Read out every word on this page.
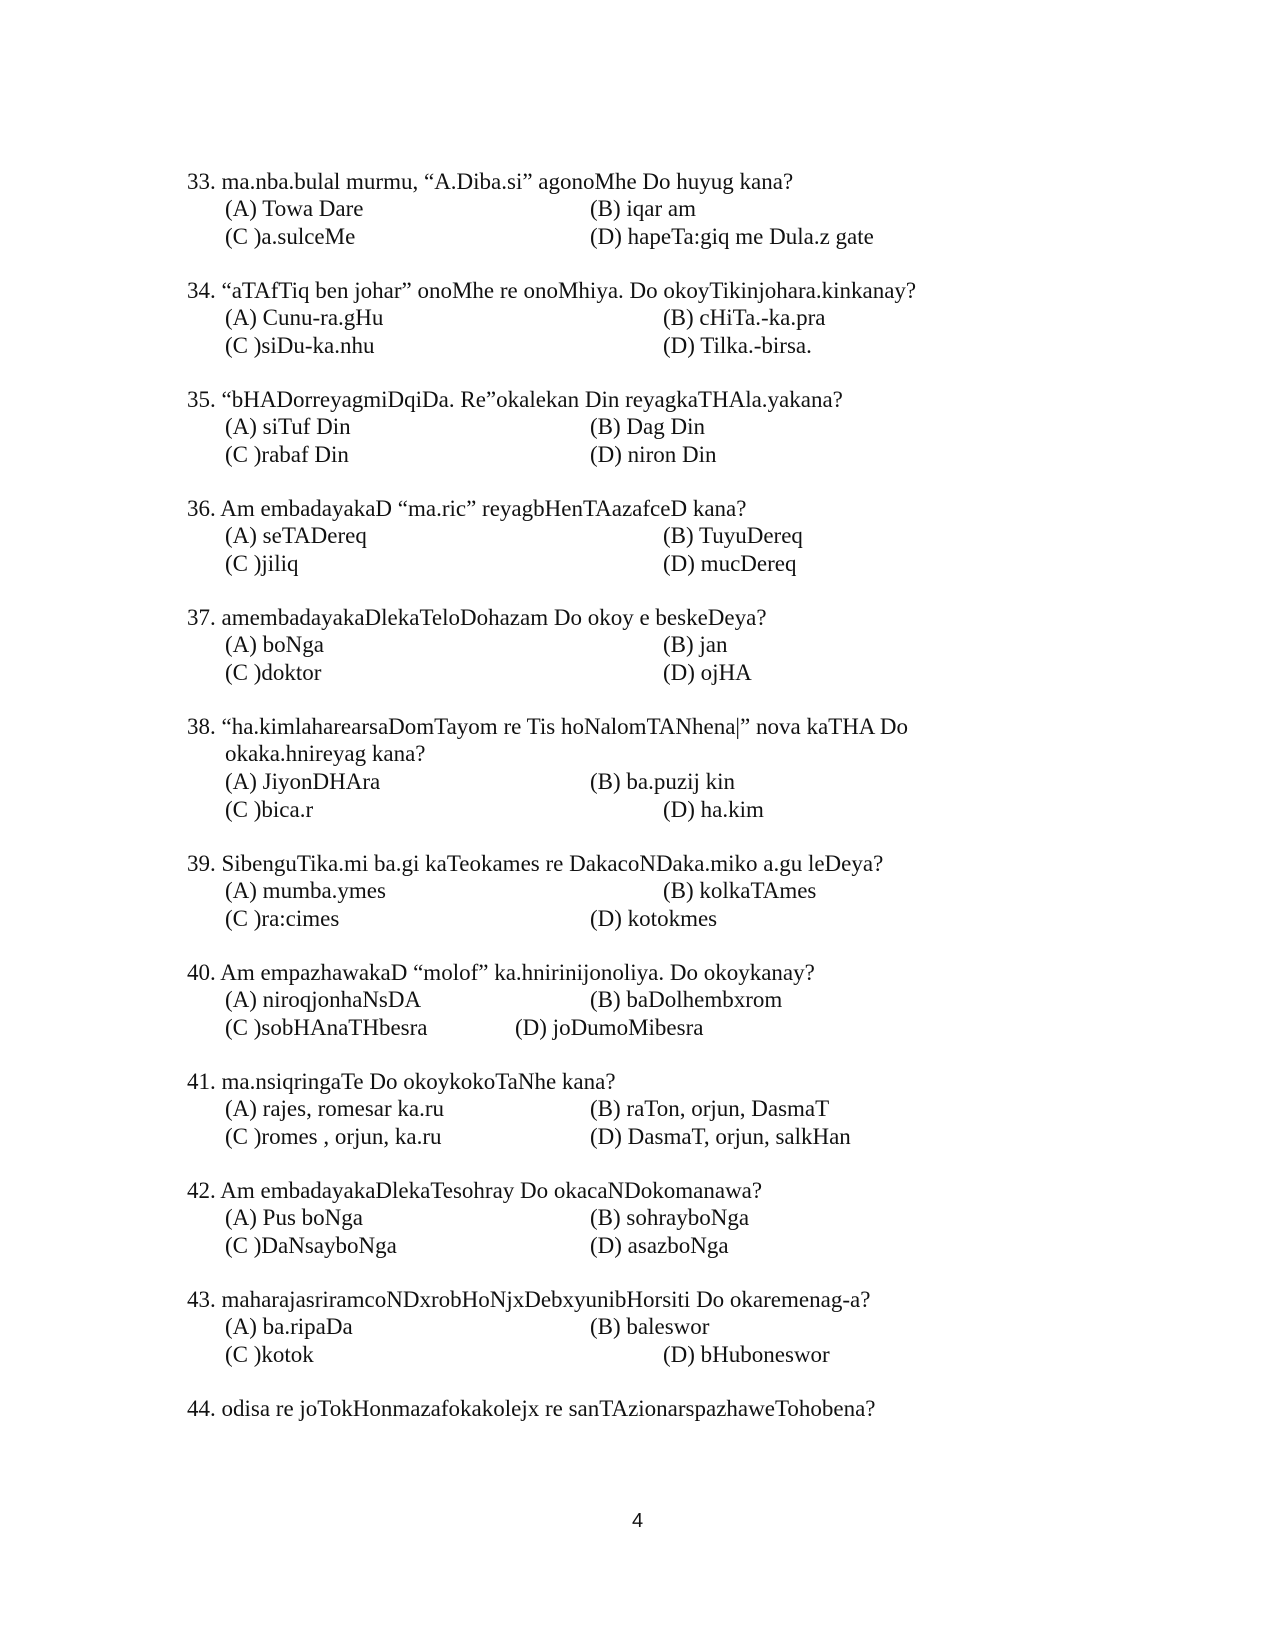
33. ma.nba.bulal murmu, “A.Diba.si” agonoMhe Do huyug kana?
(A) Towa Dare	(B) iqar am
(C )a.sulceMe	(D) hapeTa:giq me Dula.z gate
34. “aTAfTiq ben johar” onoMhe re onoMhiya. Do okoyTikinjohara.kinkanay?
(A) Cunu-ra.gHu	(B) cHiTa.-ka.pra
(C )siDu-ka.nhu	(D) Tilka.-birsa.
35. “bHADorreyagmiDqiDa. Re”okalekan Din reyagkaTHAla.yakana?
(A) siTuf Din	(B) Dag Din
(C )rabaf Din	(D) niron Din
36. Am embadayakaD “ma.ric” reyagbHenTAazafceD kana?
(A) seTADereq	(B) TuyuDereq
(C )jiliq	(D) mucDereq
37. amembadayakaDlekaTeloDohazam Do okoy e beskeDeya?
(A) boNga	(B) jan
(C )doktor	(D) ojHA
38. “ha.kimlaharearsaDomTayom re Tis hoNalomTANhena|” nova kaTHA Do
okaka.hnireyag kana?
(A) JiyonDHAra	(B) ba.puzij kin
(C )bica.r	(D) ha.kim
39. SibenguTika.mi ba.gi kaTeokames re DakacoNDaka.miko a.gu leDeya?
(A) mumba.ymes	(B) kolkaTAmes
(C )ra:cimes	(D) kotokmes
40. Am empazhawakaD “molof” ka.hnirinijonoliya. Do okoykanay?
(A) niroqjonhaNsDA	(B) baDolhembxrom
(C )sobHAnaTHbesra	(D) joDumoMibesra
41. ma.nsiqringaTe Do okoykokoTaNhe kana?
(A) rajes, romesar ka.ru	(B) raTon, orjun, DasmaT
(C )romes , orjun, ka.ru	(D) DasmaT, orjun, salkHan
42. Am embadayakaDlekaTesohray Do okacaNDokomanawa?
(A) Pus boNga	(B) sohrayboNga
(C )DaNsayboNga	(D) asazboNga
43. maharajasriramcoNDxrobHoNjxDebxyunibHorsiti Do okaremenag-a?
(A) ba.ripaDa	(B) baleswor
(C )kotok	(D) bHuboneswor
44. odisa re joTokHonmazafokakolejx re sanTAzionarspazhaweTohobena?
4
